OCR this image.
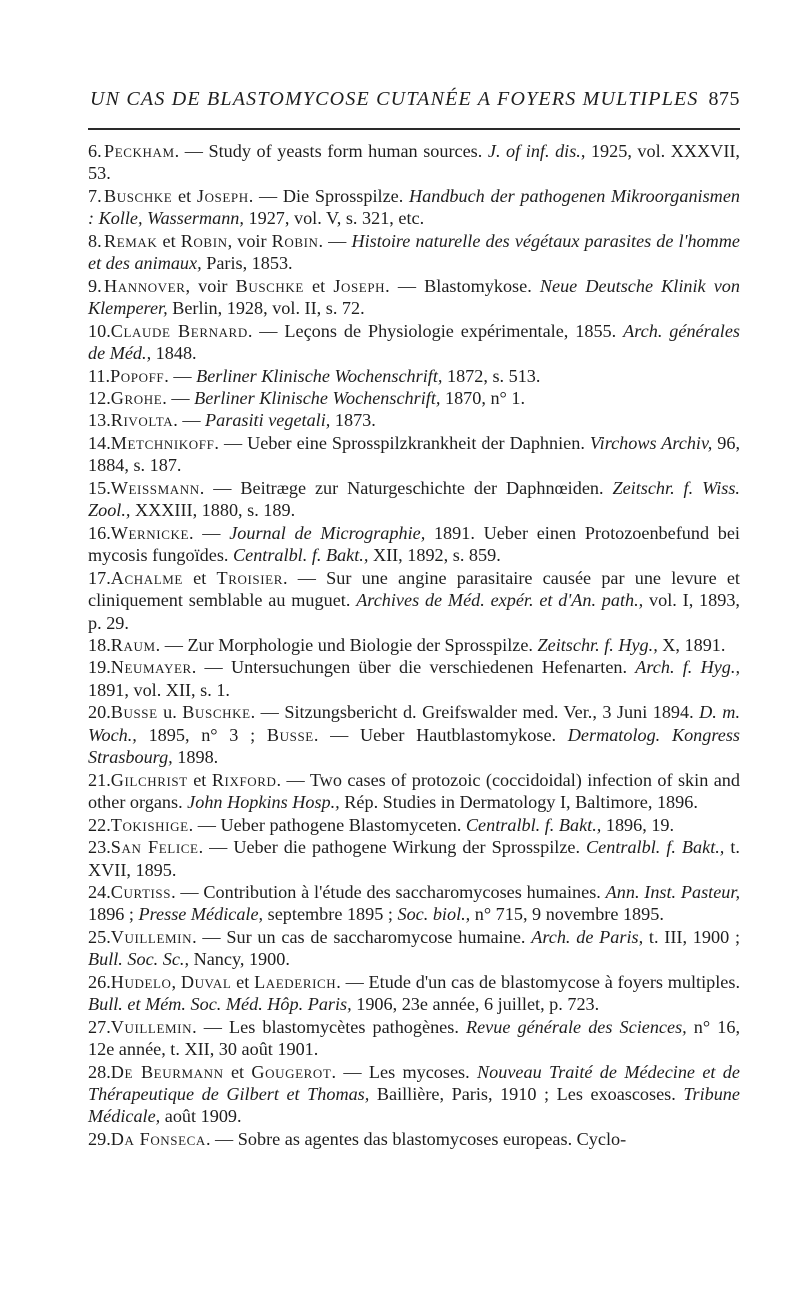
UN CAS DE BLASTOMYCOSE CUTANÉE A FOYERS MULTIPLES 875

6.Peckham. — Study of yeasts form human sources. J. of inf. dis., 1925, vol. XXXVII, 53.

7.Buschke et Joseph. — Die Sprosspilze. Handbuch der pathogenen Mikroorganismen : Kolle, Wassermann, 1927, vol. V, s. 321, etc.

8.Remak et Robin, voir Robin. — Histoire naturelle des végétaux parasites de l'homme et des animaux, Paris, 1853.

9.Hannover, voir Buschke et Joseph. — Blastomykose. Neue Deutsche Klinik von Klemperer, Berlin, 1928, vol. II, s. 72.

10.Claude Bernard. — Leçons de Physiologie expérimentale, 1855. Arch. générales de Méd., 1848.

11.Popoff. — Berliner Klinische Wochenschrift, 1872, s. 513.

12.Grohe. — Berliner Klinische Wochenschrift, 1870, n° 1.

13.Rivolta. — Parasiti vegetali, 1873.

14.Metchnikoff. — Ueber eine Sprosspilzkrankheit der Daphnien. Virchows Archiv, 96, 1884, s. 187.

15.Weissmann. — Beitræge zur Naturgeschichte der Daphnœiden. Zeitschr. f. Wiss. Zool., XXXIII, 1880, s. 189.

16.Wernicke. — Journal de Micrographie, 1891. Ueber einen Protozoenbefund bei mycosis fungoïdes. Centralbl. f. Bakt., XII, 1892, s. 859.

17.Achalme et Troisier. — Sur une angine parasitaire causée par une levure et cliniquement semblable au muguet. Archives de Méd. expér. et d'An. path., vol. I, 1893, p. 29.

18.Raum. — Zur Morphologie und Biologie der Sprosspilze. Zeitschr. f. Hyg., X, 1891.

19.Neumayer. — Untersuchungen über die verschiedenen Hefenarten. Arch. f. Hyg., 1891, vol. XII, s. 1.

20.Busse u. Buschke. — Sitzungsbericht d. Greifswalder med. Ver., 3 Juni 1894. D. m. Woch., 1895, n° 3 ; Busse. — Ueber Hautblastomykose. Dermatolog. Kongress Strasbourg, 1898.

21.Gilchrist et Rixford. — Two cases of protozoic (coccidoidal) infection of skin and other organs. John Hopkins Hosp., Rép. Studies in Dermatology I, Baltimore, 1896.

22.Tokishige. — Ueber pathogene Blastomyceten. Centralbl. f. Bakt., 1896, 19.

23.San Felice. — Ueber die pathogene Wirkung der Sprosspilze. Centralbl. f. Bakt., t. XVII, 1895.

24.Curtiss. — Contribution à l'étude des saccharomycoses humaines. Ann. Inst. Pasteur, 1896 ; Presse Médicale, septembre 1895 ; Soc. biol., n° 715, 9 novembre 1895.

25.Vuillemin. — Sur un cas de saccharomycose humaine. Arch. de Paris, t. III, 1900 ; Bull. Soc. Sc., Nancy, 1900.

26.Hudelo, Duval et Laederich. — Etude d'un cas de blastomycose à foyers multiples. Bull. et Mém. Soc. Méd. Hôp. Paris, 1906, 23e année, 6 juillet, p. 723.

27.Vuillemin. — Les blastomycètes pathogènes. Revue générale des Sciences, n° 16, 12e année, t. XII, 30 août 1901.

28.De Beurmann et Gougerot. — Les mycoses. Nouveau Traité de Médecine et de Thérapeutique de Gilbert et Thomas, Baillière, Paris, 1910 ; Les exoascoses. Tribune Médicale, août 1909.

29.Da Fonseca. — Sobre as agentes das blastomycoses europeas. Cyclo-
